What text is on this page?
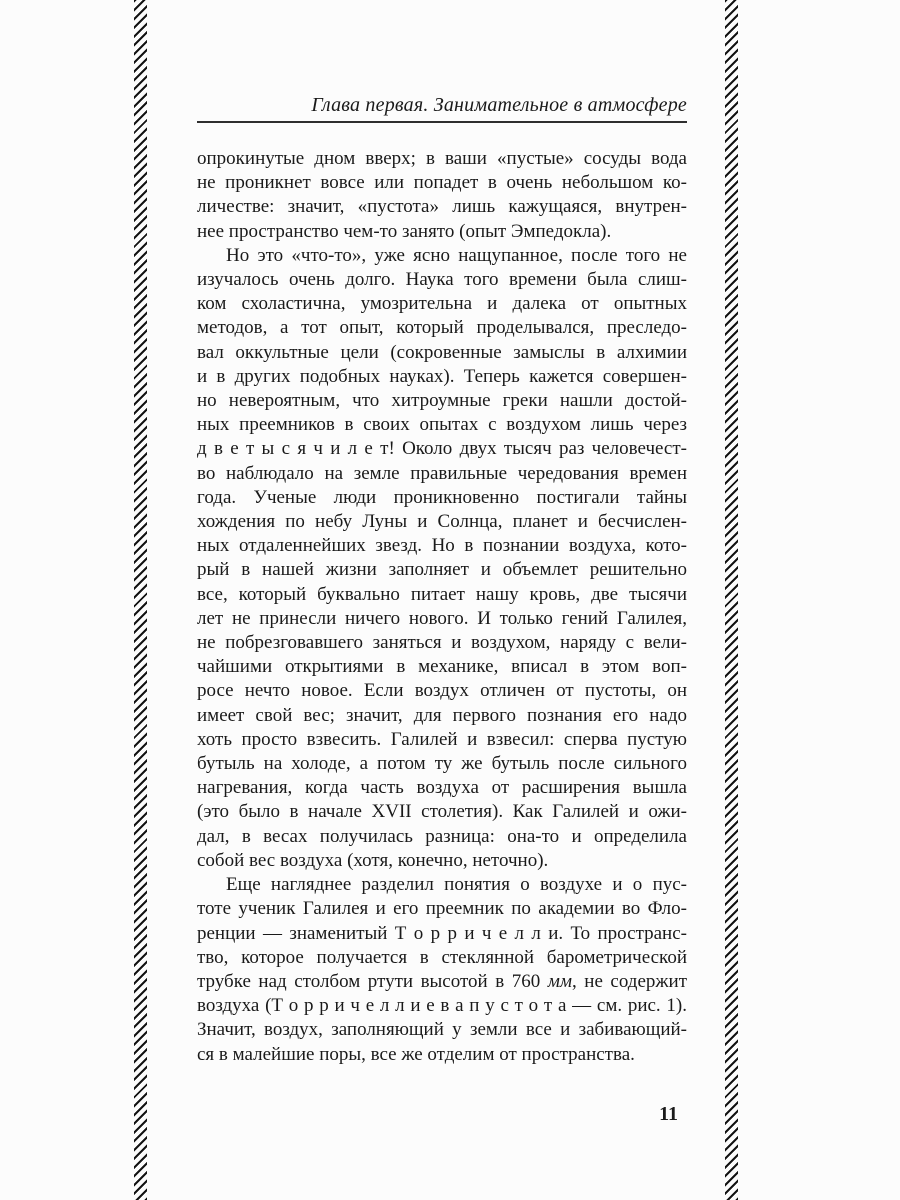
Глава первая. Занимательное в атмосфере
опрокинутые дном вверх; в ваши «пустые» сосуды вода
не проникнет вовсе или попадет в очень небольшом ко-
личестве: значит, «пустота» лишь кажущаяся, внутрен-
нее пространство чем-то занято (опыт Эмпедокла).
Но это «что-то», уже ясно нащупанное, после того не
изучалось очень долго. Наука того времени была слиш-
ком схоластична, умозрительна и далека от опытных
методов, а тот опыт, который проделывался, преследо-
вал оккультные цели (сокровенные замыслы в алхимии
и в других подобных науках). Теперь кажется совершен-
но невероятным, что хитроумные греки нашли достой-
ных преемников в своих опытах с воздухом лишь через
д в е т ы с я ч и л е т! Около двух тысяч раз человечест-
во наблюдало на земле правильные чередования времен
года. Ученые люди проникновенно постигали тайны
хождения по небу Луны и Солнца, планет и бесчислен-
ных отдаленнейших звезд. Но в познании воздуха, кото-
рый в нашей жизни заполняет и объемлет решительно
все, который буквально питает нашу кровь, две тысячи
лет не принесли ничего нового. И только гений Галилея,
не побрезговавшего заняться и воздухом, наряду с вели-
чайшими открытиями в механике, вписал в этом воп-
росе нечто новое. Если воздух отличен от пустоты, он
имеет свой вес; значит, для первого познания его надо
хоть просто взвесить. Галилей и взвесил: сперва пустую
бутыль на холоде, а потом ту же бутыль после сильного
нагревания, когда часть воздуха от расширения вышла
(это было в начале XVII столетия). Как Галилей и ожи-
дал, в весах получилась разница: она-то и определила
собой вес воздуха (хотя, конечно, неточно).
Еще нагляднее разделил понятия о воздухе и о пус-
тоте ученик Галилея и его преемник по академии во Фло-
ренции — знаменитый Т о р р и ч е л л и. То пространс-
тво, которое получается в стеклянной барометрической
трубке над столбом ртути высотой в 760 мм, не содержит
воздуха (Т о р р и ч е л л и е в а п у с т о т а — см. рис. 1).
Значит, воздух, заполняющий у земли все и забивающий-
ся в малейшие поры, все же отделим от пространства.
11
